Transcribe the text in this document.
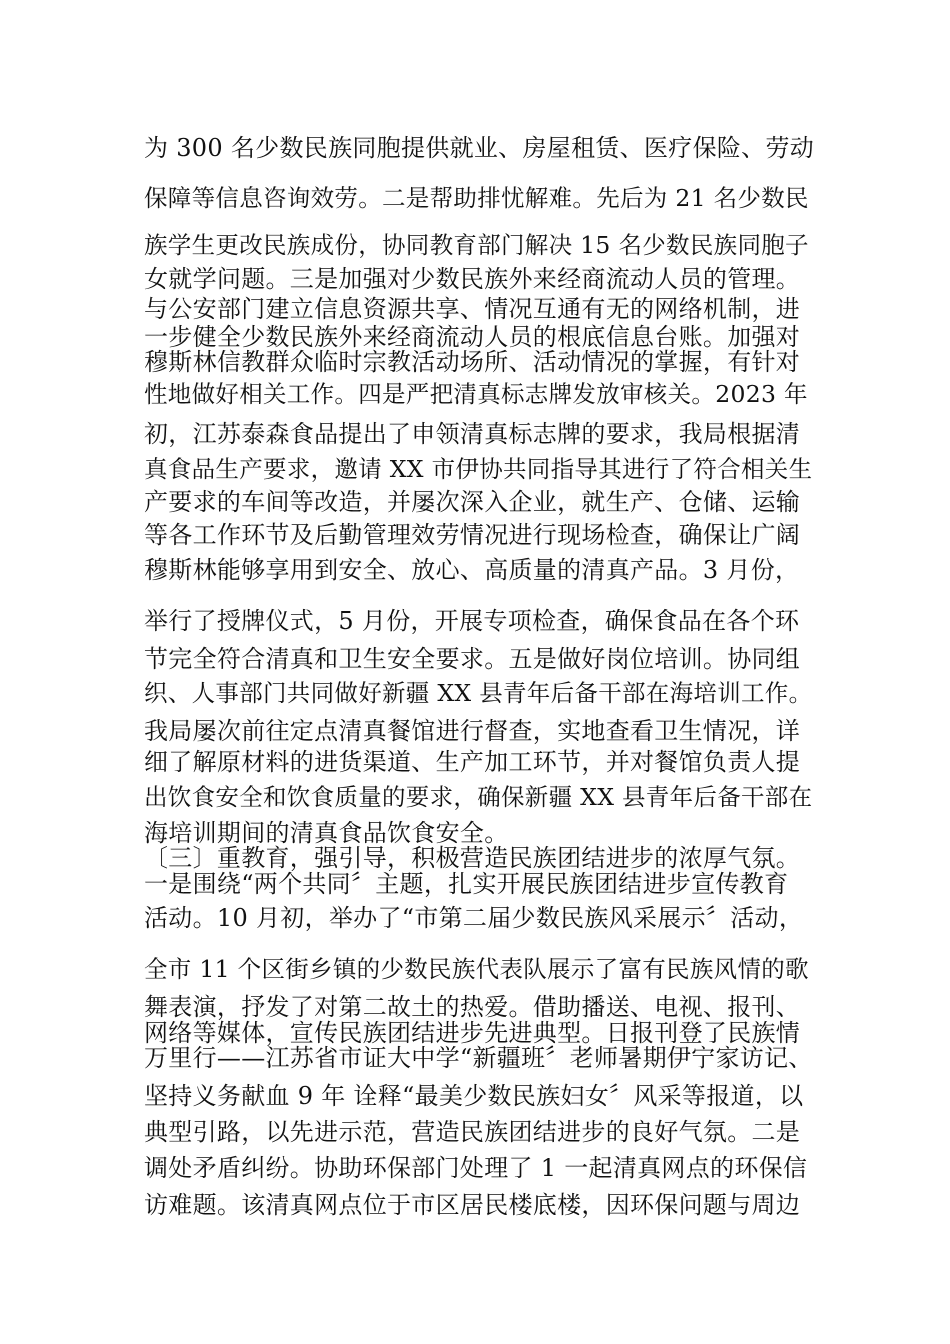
为 300 名少数民族同胞提供就业、房屋租赁、医疗保险、劳动
保障等信息咨询效劳。二是帮助排忧解难。先后为 21 名少数民
族学生更改民族成份，协同教育部门解决 15 名少数民族同胞子
女就学问题。三是加强对少数民族外来经商流动人员的管理。
与公安部门建立信息资源共享、情况互通有无的网络机制，进
一步健全少数民族外来经商流动人员的根底信息台账。加强对
穆斯林信教群众临时宗教活动场所、活动情况的掌握，有针对
性地做好相关工作。四是严把清真标志牌发放审核关。2023 年
初，江苏泰森食品提出了申领清真标志牌的要求，我局根据清
真食品生产要求，邀请 XX 市伊协共同指导其进行了符合相关生
产要求的车间等改造，并屡次深入企业，就生产、仓储、运输
等各工作环节及后勤管理效劳情况进行现场检查，确保让广阔
穆斯林能够享用到安全、放心、高质量的清真产品。3 月份，
举行了授牌仪式，5 月份，开展专项检查，确保食品在各个环
节完全符合清真和卫生安全要求。五是做好岗位培训。协同组
织、人事部门共同做好新疆 XX 县青年后备干部在海培训工作。
我局屡次前往定点清真餐馆进行督查，实地查看卫生情况，详
细了解原材料的进货渠道、生产加工环节，并对餐馆负责人提
出饮食安全和饮食质量的要求，确保新疆 XX 县青年后备干部在
海培训期间的清真食品饮食安全。
〔三〕重教育，强引导，积极营造民族团结进步的浓厚气氛。
一是围绕“两个共同〞主题，扎实开展民族团结进步宣传教育
活动。10 月初，举办了“市第二届少数民族风采展示〞活动，
全市 11 个区街乡镇的少数民族代表队展示了富有民族风情的歌
舞表演，抒发了对第二故土的热爱。借助播送、电视、报刊、
网络等媒体，宣传民族团结进步先进典型。日报刊登了民族情
万里行——江苏省市证大中学“新疆班〞老师暑期伊宁家访记、
坚持义务献血 9 年 诠释“最美少数民族妇女〞风采等报道，以
典型引路，以先进示范，营造民族团结进步的良好气氛。二是
调处矛盾纠纷。协助环保部门处理了 1 一起清真网点的环保信
访难题。该清真网点位于市区居民楼底楼，因环保问题与周边
